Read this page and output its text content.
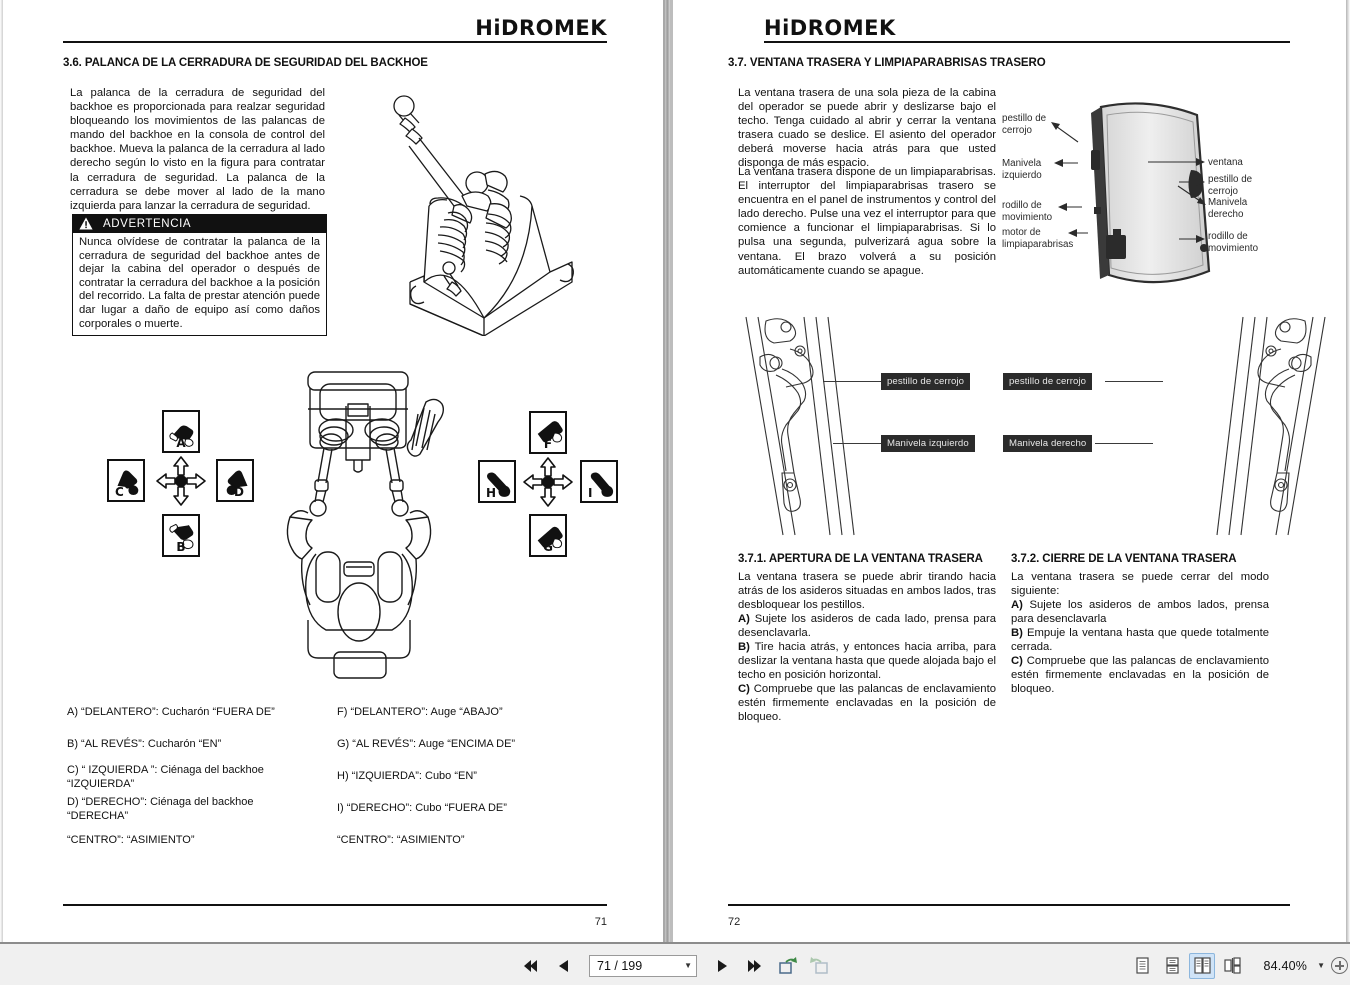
HiDROMEK
3.6. PALANCA DE LA CERRADURA DE SEGURIDAD DEL BACKHOE
La palanca de la cerradura de seguridad del backhoe es proporcionada para realzar seguridad bloqueando los movimientos de las palancas de mando del backhoe en la consola de control del backhoe. Mueva la palanca de la cerradura al lado derecho según lo visto en la figura para contratar la cerradura de seguridad. La palanca de la cerradura se debe mover al lado de la mano izquierda para lanzar la cerradura de seguridad.
ADVERTENCIA
Nunca olvídese de contratar la palanca de la cerradura de seguridad del backhoe antes de dejar la cabina del operador o después de contratar la cerradura del backhoe a la posición del recorrido. La falta de prestar atención puede dar lugar a daño de equipo así como daños corporales o muerte.
A
C	D
B
F
H	I
G
A) “DELANTERO”: Cucharón “FUERA DE”
B) “AL REVÉS”: Cucharón “EN”
C) “ IZQUIERDA ”: Ciénaga del backhoe “IZQUIERDA”
D) “DERECHO”: Ciénaga del backhoe “DERECHA”
“CENTRO”: “ASIMIENTO”
F) “DELANTERO”: Auge “ABAJO”
G) “AL REVÉS”: Auge “ENCIMA DE”
H) “IZQUIERDA”: Cubo “EN”
I) “DERECHO”: Cubo “FUERA DE”
“CENTRO”: “ASIMIENTO”
71
HiDROMEK
3.7. VENTANA TRASERA Y LIMPIAPARABRISAS TRASERO
La ventana trasera de una sola pieza de la cabina del operador se puede abrir y deslizarse bajo el techo. Tenga cuidado al abrir y cerrar la ventana trasera cuado se deslice. El asiento del operador deberá moverse hacia atrás para que usted disponga de más espacio.
La ventana trasera dispone de un limpiaparabrisas. El interruptor del limpiaparabrisas trasero se encuentra en el panel de instrumentos y control del lado derecho. Pulse una vez el interruptor para que comience a funcionar el limpiaparabrisas. Si lo pulsa una segunda, pulverizará agua sobre la ventana. El brazo volverá a su posición automáticamente cuando se apague.
pestillo de
cerrojo
Manivela
izquierdo
rodillo de
movimiento
motor de
limpiaparabrisas
ventana
pestillo de
cerrojo
Manivela
derecho
rodillo de
movimiento
pestillo de cerrojo
Manivela izquierdo
pestillo de cerrojo
Manivela derecho
3.7.1. APERTURA DE LA VENTANA TRASERA
La ventana trasera se puede abrir tirando hacia atrás de los asideros situadas en ambos lados, tras desbloquear los pestillos.
A) Sujete los asideros de cada lado, prensa para desenclavarla.
B) Tire hacia atrás, y entonces hacia arriba, para deslizar la ventana hasta que quede alojada bajo el techo en posición horizontal.
C) Compruebe que las palancas de enclavamiento estén firmemente enclavadas en la posición de bloqueo.
3.7.2. CIERRE DE LA VENTANA TRASERA
La ventana trasera se puede cerrar del modo siguiente:
A) Sujete los asideros de ambos lados, prensa para desenclavarla
B) Empuje la ventana hasta que quede totalmente cerrada.
C) Compruebe que las palancas de enclavamiento estén firmemente enclavadas en la posición de bloqueo.
72
71 / 199	▼	84.40% ▼
